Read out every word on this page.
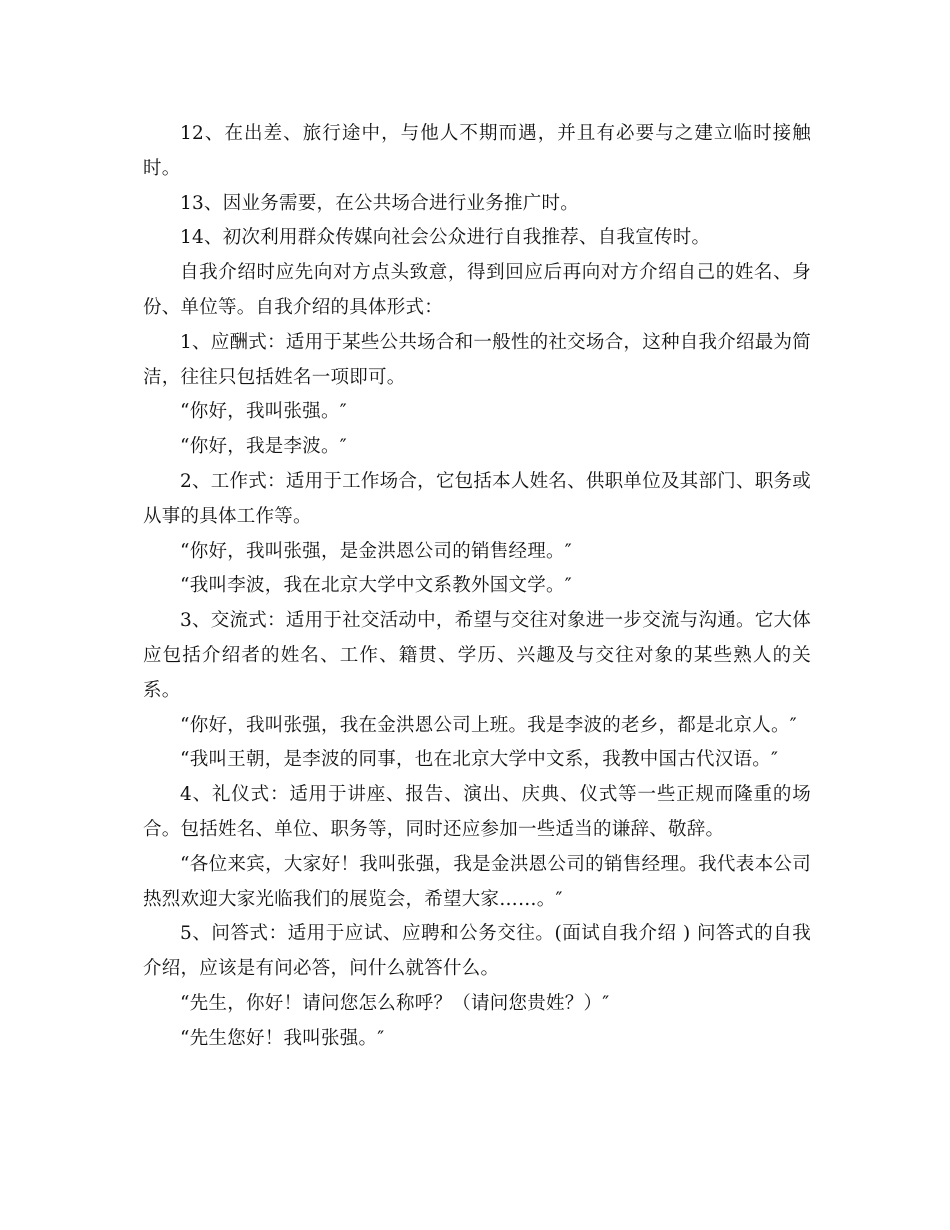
12、在出差、旅行途中，与他人不期而遇，并且有必要与之建立临时接触时。

13、因业务需要，在公共场合进行业务推广时。

14、初次利用群众传媒向社会公众进行自我推荐、自我宣传时。

自我介绍时应先向对方点头致意，得到回应后再向对方介绍自己的姓名、身份、单位等。自我介绍的具体形式：

1、应酬式：适用于某些公共场合和一般性的社交场合，这种自我介绍最为简洁，往往只包括姓名一项即可。

“你好，我叫张强。″

“你好，我是李波。″

2、工作式：适用于工作场合，它包括本人姓名、供职单位及其部门、职务或从事的具体工作等。

“你好，我叫张强，是金洪恩公司的销售经理。″

“我叫李波，我在北京大学中文系教外国文学。″

3、交流式：适用于社交活动中，希望与交往对象进一步交流与沟通。它大体应包括介绍者的姓名、工作、籍贯、学历、兴趣及与交往对象的某些熟人的关系。

“你好，我叫张强，我在金洪恩公司上班。我是李波的老乡，都是北京人。″

“我叫王朝，是李波的同事，也在北京大学中文系，我教中国古代汉语。″

4、礼仪式：适用于讲座、报告、演出、庆典、仪式等一些正规而隆重的场合。包括姓名、单位、职务等，同时还应参加一些适当的谦辞、敬辞。

“各位来宾，大家好！我叫张强，我是金洪恩公司的销售经理。我代表本公司热烈欢迎大家光临我们的展览会，希望大家……。″

5、问答式：适用于应试、应聘和公务交往。(面试自我介绍 ) 问答式的自我介绍，应该是有问必答，问什么就答什么。

“先生，你好！请问您怎么称呼？（请问您贵姓？）″

“先生您好！我叫张强。″
